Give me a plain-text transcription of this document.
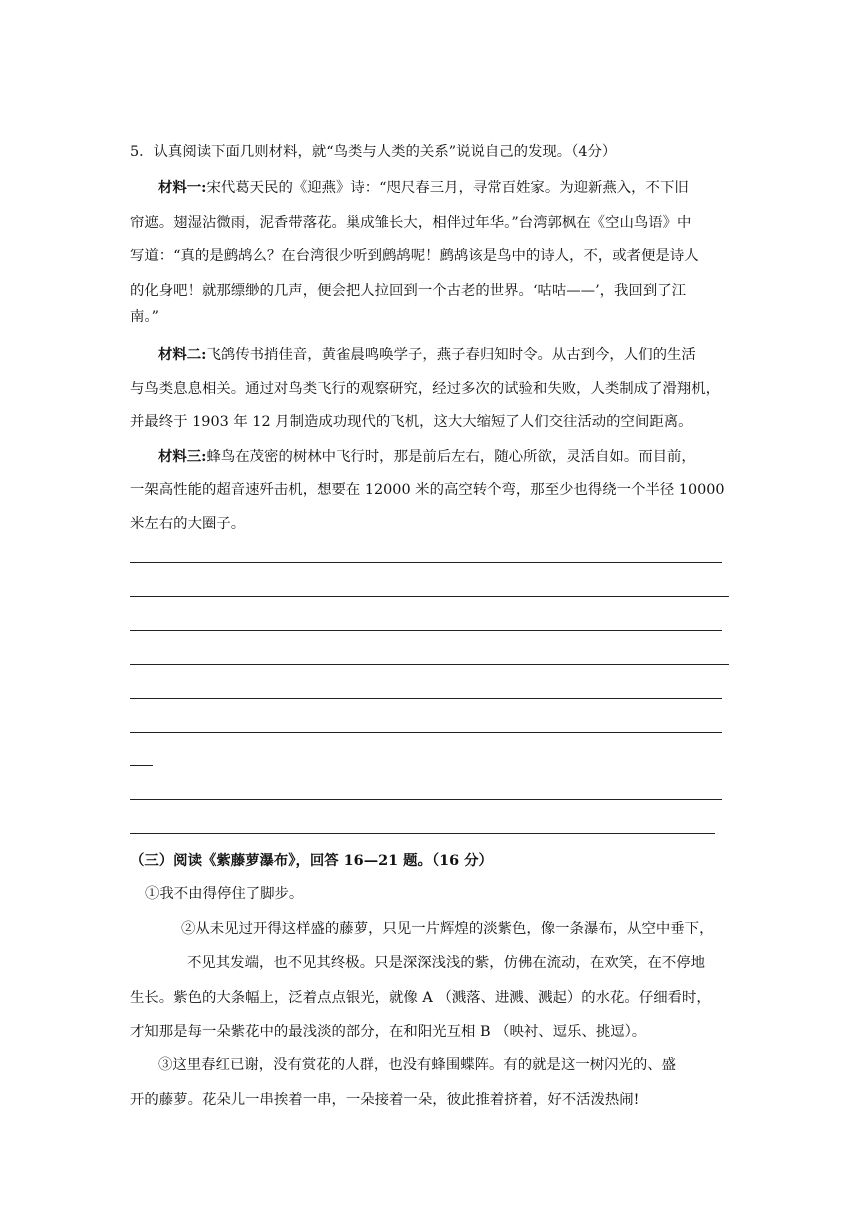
5．认真阅读下面几则材料，就“鸟类与人类的关系”说说自己的发现。（4分）
材料一:宋代葛天民的《迎燕》诗：“咫尺春三月，寻常百姓家。为迎新燕入，不下旧
帘遮。翅湿沾微雨，泥香带落花。巢成雏长大，相伴过年华。”台湾郭枫在《空山鸟语》中
写道：“真的是鹧鸪么？在台湾很少听到鹧鸪呢！鹧鸪该是鸟中的诗人，不，或者便是诗人
的化身吧！就那缥缈的几声，便会把人拉回到一个古老的世界。‘咕咕——’，我回到了江
南。”
材料二:飞鸽传书捎佳音，黄雀晨鸣唤学子，燕子春归知时令。从古到今，人们的生活
与鸟类息息相关。通过对鸟类飞行的观察研究，经过多次的试验和失败，人类制成了滑翔机，
并最终于 1903 年 12 月制造成功现代的飞机，这大大缩短了人们交往活动的空间距离。
材料三:蜂鸟在茂密的树林中飞行时，那是前后左右，随心所欲，灵活自如。而目前，
一架高性能的超音速歼击机，想要在 12000 米的高空转个弯，那至少也得绕一个半径 10000
米左右的大圈子。
（三）阅读《紫藤萝瀑布》，回答 16—21 题。（16 分）
①我不由得停住了脚步。
②从未见过开得这样盛的藤萝，只见一片辉煌的淡紫色，像一条瀑布，从空中垂下，
不见其发端，也不见其终极。只是深深浅浅的紫，仿佛在流动，在欢笑，在不停地
生长。紫色的大条幅上，泛着点点银光，就像 A （溅落、进溅、溅起）的水花。仔细看时，
才知那是每一朵紫花中的最浅淡的部分，在和阳光互相 B （映衬、逗乐、挑逗）。
③这里春红已谢，没有赏花的人群，也没有蜂围蝶阵。有的就是这一树闪光的、盛
开的藤萝。花朵儿一串挨着一串，一朵接着一朵，彼此推着挤着，好不活泼热闹!
